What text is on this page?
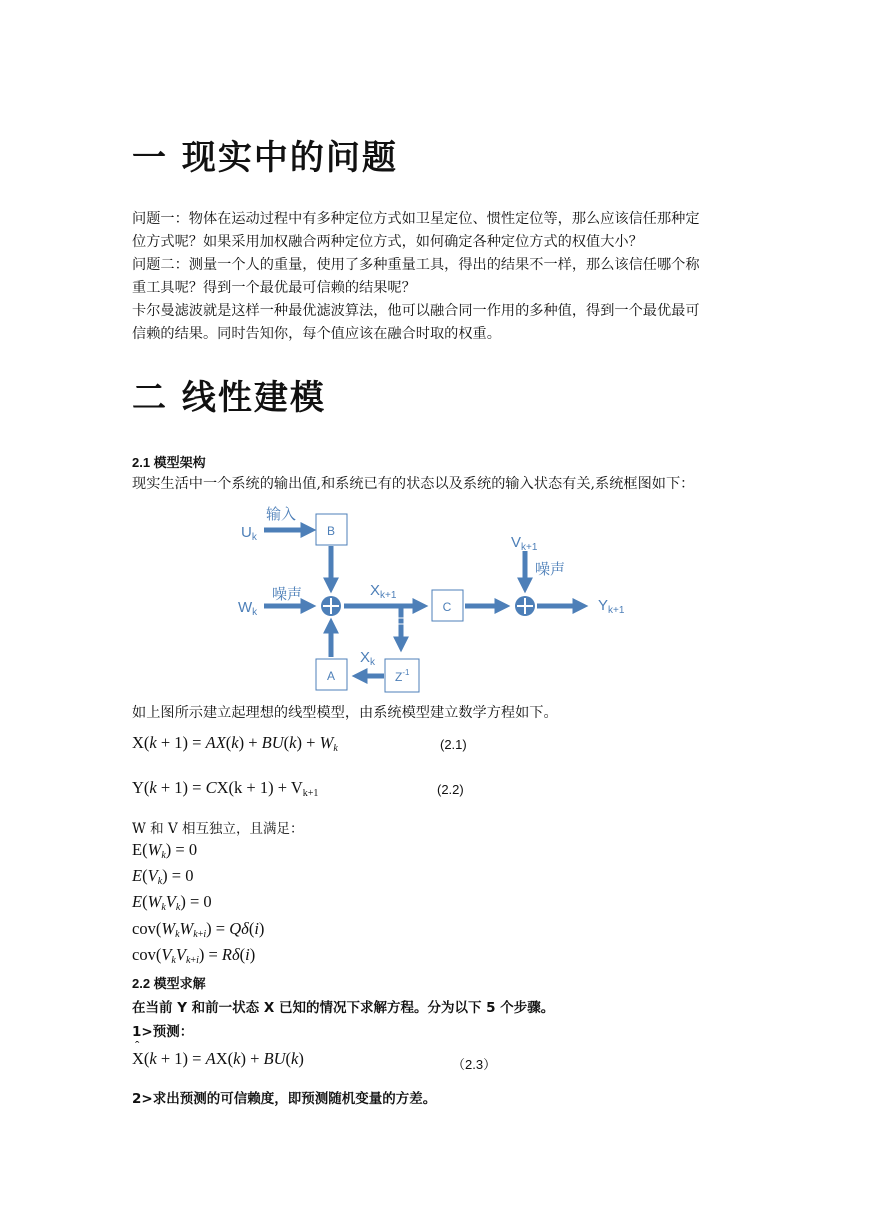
一 现实中的问题
问题一：物体在运动过程中有多种定位方式如卫星定位、惯性定位等，那么应该信任那种定
位方式呢？如果采用加权融合两种定位方式，如何确定各种定位方式的权值大小？
问题二：测量一个人的重量，使用了多种重量工具，得出的结果不一样，那么该信任哪个称
重工具呢？得到一个最优最可信赖的结果呢？
卡尔曼滤波就是这样一种最优滤波算法，他可以融合同一作用的多种值，得到一个最优最可
信赖的结果。同时告知你，每个值应该在融合时取的权重。
二 线性建模
2.1 模型架构
现实生活中一个系统的输出值,和系统已有的状态以及系统的输入状态有关,系统框图如下：
B
C
A	$Z^{-1}$
$U_k$
输入
$W_k$
噪声	$X_{k+1}$
$X_k$
$V_{k+1}$
噪声
$Y_{k+1}$
如上图所示建立起理想的线型模型，由系统模型建立数学方程如下。
X(k + 1) = AX(k) + BU(k) + Wk	(2.1)
Y(k + 1) = CX(k + 1) + Vk+1	(2.2)
W 和 V 相互独立，且满足：
E(Wk) = 0
E(Vk) = 0
E(WkVk) = 0
cov(WkWk+i) = Qδ(i)
cov(VkVk+i) = Rδ(i)
2.2 模型求解
在当前 Y 和前一状态 X 已知的情况下求解方程。分为以下 5 个步骤。
1>预测：
X
ˆ
(k + 1) = AX(k) + BU(k)	（2.3）
2>求出预测的可信赖度，即预测随机变量的方差。
